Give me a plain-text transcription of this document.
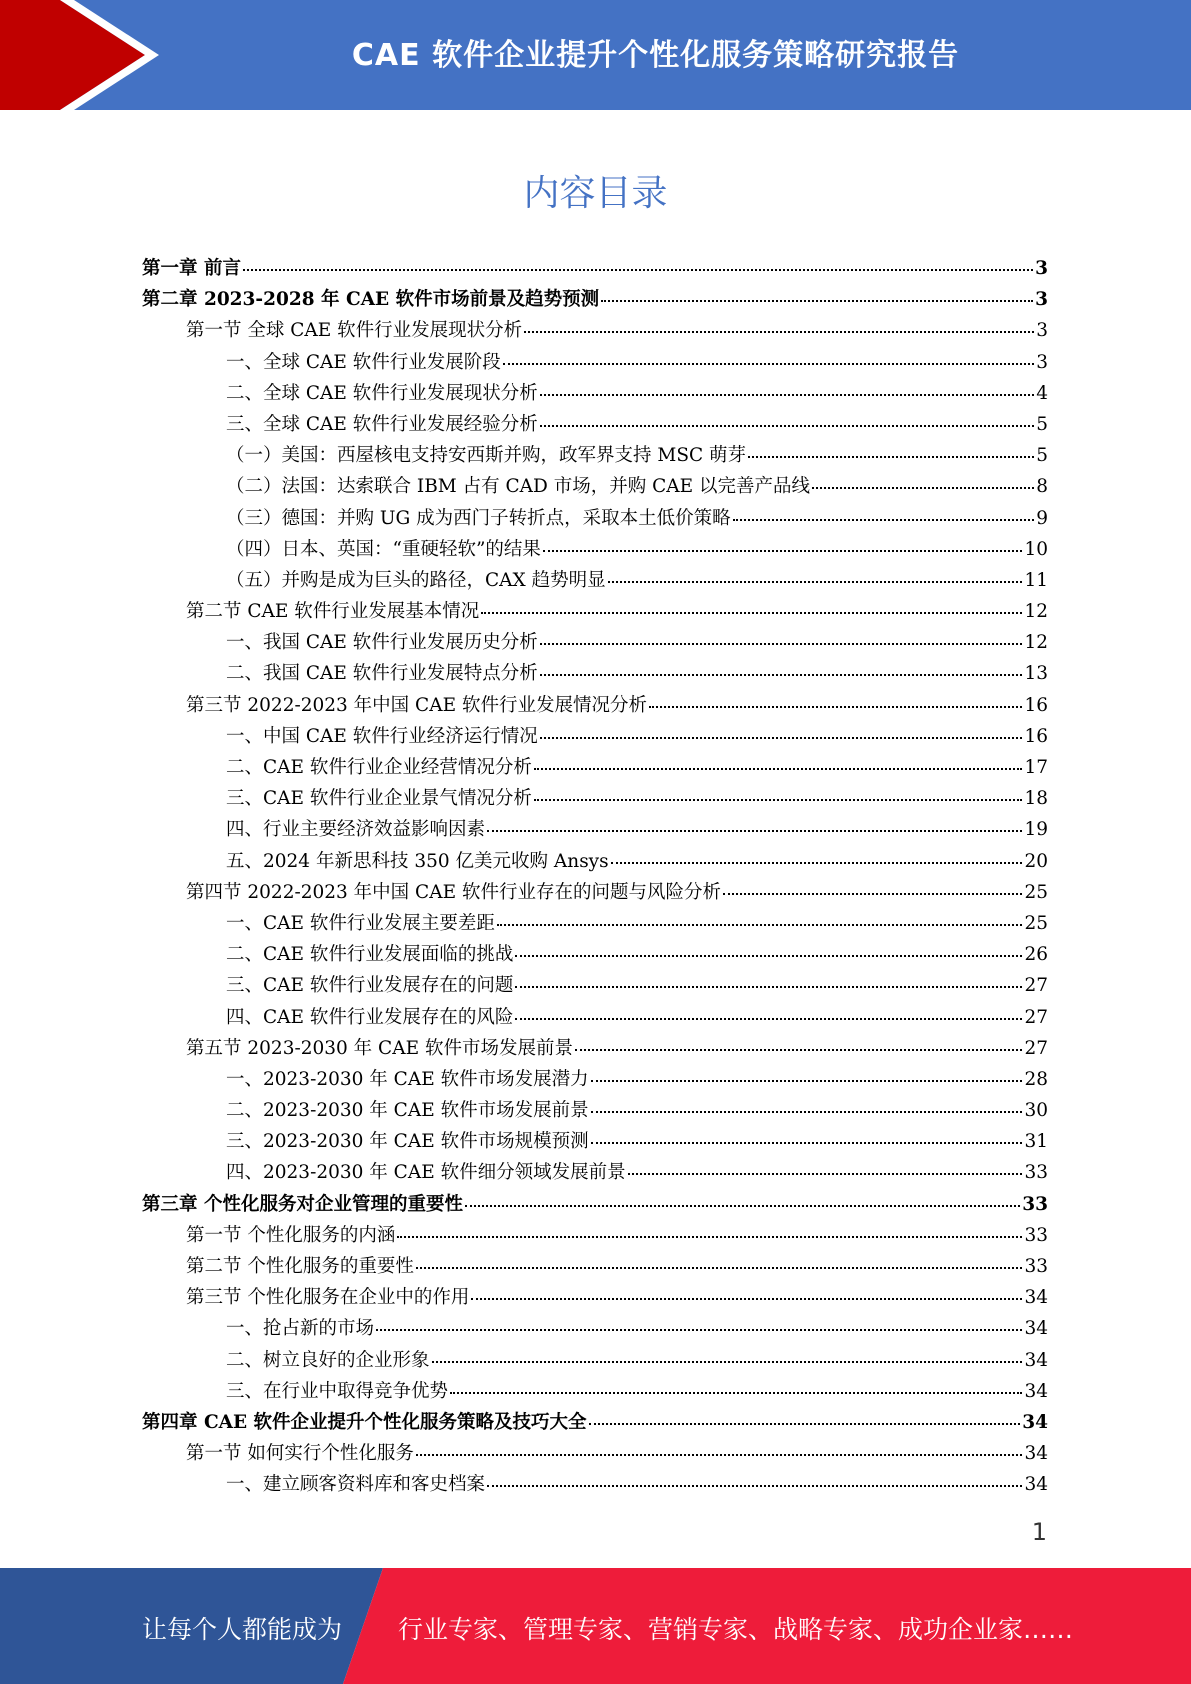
CAE 软件企业提升个性化服务策略研究报告
内容目录
第一章 前言	3
第二章 2023-2028 年 CAE 软件市场前景及趋势预测	3
第一节 全球 CAE 软件行业发展现状分析	3
一、全球 CAE 软件行业发展阶段	3
二、全球 CAE 软件行业发展现状分析	4
三、全球 CAE 软件行业发展经验分析	5
（一）美国：西屋核电支持安西斯并购，政军界支持 MSC 萌芽	5
（二）法国：达索联合 IBM 占有 CAD 市场，并购 CAE 以完善产品线	8
（三）德国：并购 UG 成为西门子转折点，采取本土低价策略	9
（四）日本、英国：“重硬轻软”的结果	10
（五）并购是成为巨头的路径，CAX 趋势明显	11
第二节 CAE 软件行业发展基本情况	12
一、我国 CAE 软件行业发展历史分析	12
二、我国 CAE 软件行业发展特点分析	13
第三节 2022-2023 年中国 CAE 软件行业发展情况分析	16
一、中国 CAE 软件行业经济运行情况	16
二、CAE 软件行业企业经营情况分析	17
三、CAE 软件行业企业景气情况分析	18
四、行业主要经济效益影响因素	19
五、2024 年新思科技 350 亿美元收购 Ansys	20
第四节 2022-2023 年中国 CAE 软件行业存在的问题与风险分析	25
一、CAE 软件行业发展主要差距	25
二、CAE 软件行业发展面临的挑战	26
三、CAE 软件行业发展存在的问题	27
四、CAE 软件行业发展存在的风险	27
第五节 2023-2030 年 CAE 软件市场发展前景	27
一、2023-2030 年 CAE 软件市场发展潜力	28
二、2023-2030 年 CAE 软件市场发展前景	30
三、2023-2030 年 CAE 软件市场规模预测	31
四、2023-2030 年 CAE 软件细分领域发展前景	33
第三章 个性化服务对企业管理的重要性	33
第一节 个性化服务的内涵	33
第二节 个性化服务的重要性	33
第三节 个性化服务在企业中的作用	34
一、抢占新的市场	34
二、树立良好的企业形象	34
三、在行业中取得竞争优势	34
第四章 CAE 软件企业提升个性化服务策略及技巧大全	34
第一节 如何实行个性化服务	34
一、建立顾客资料库和客史档案	34
1
让每个人都能成为 行业专家、管理专家、营销专家、战略专家、成功企业家……
